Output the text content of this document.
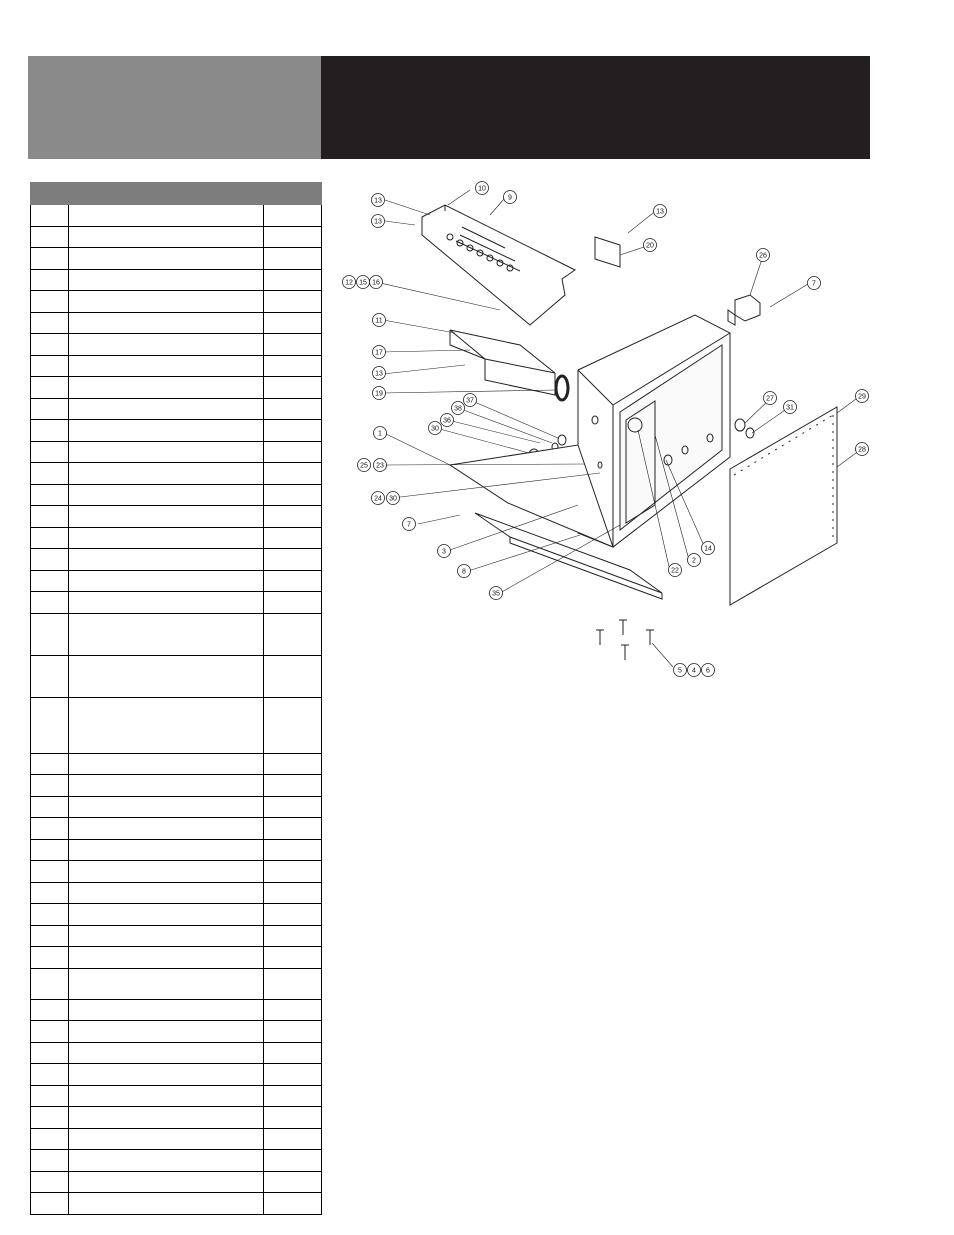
13
10
9
13
13
20
12 15 16
26
7
11
17
13
19
37
38
36
30
1
25 23
24 30
27
31
29
28
7
3
8
35
22
2
14
5 4 6
